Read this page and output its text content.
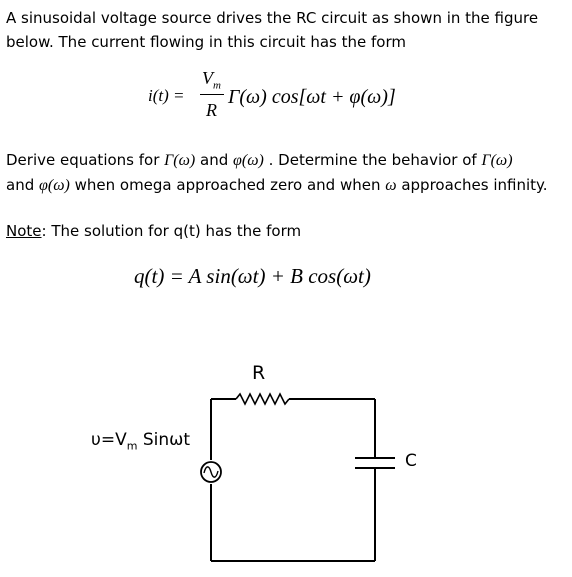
A sinusoidal voltage source drives the RC circuit as shown in the figure
below. The current flowing in this circuit has the form
i(t) =
$V_m$
R
Γ(ω) cos[ωt + φ(ω)]
Derive equations for Γ(ω) and φ(ω) . Determine the behavior of Γ(ω)
and φ(ω) when omega approached zero and when ω approaches infinity.
Note: The solution for q(t) has the form
q(t) = A sin(ωt) + B cos(ωt)
R
C
$\upsilon=V_m$ Sinωt
